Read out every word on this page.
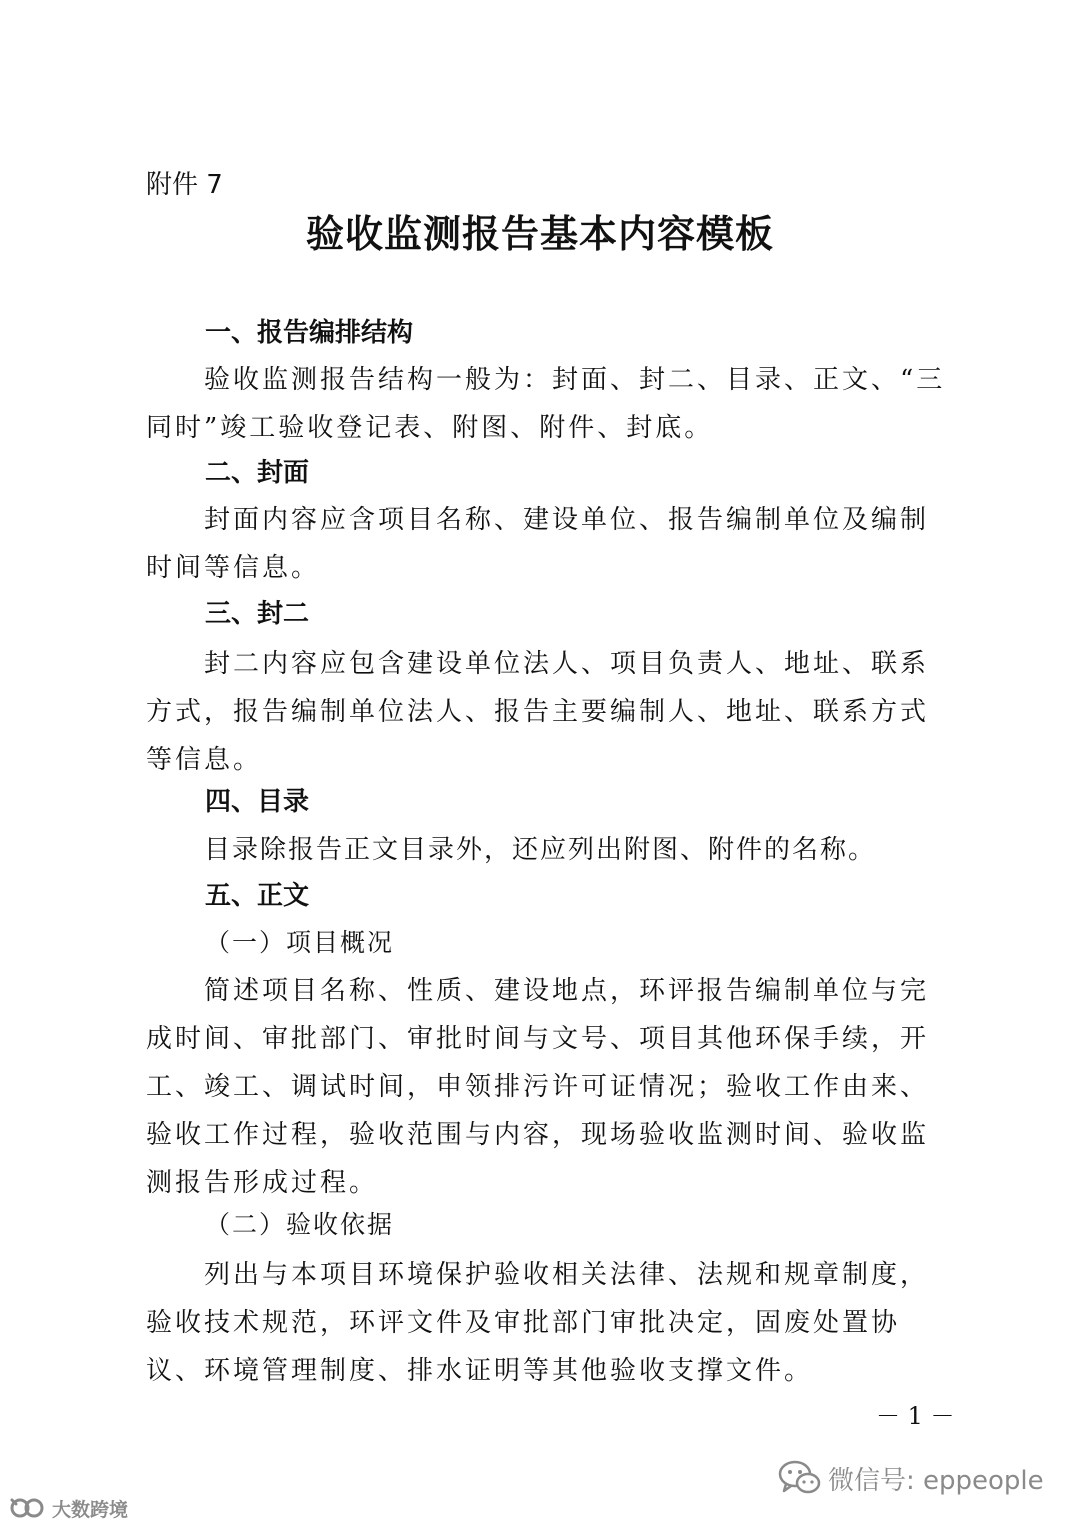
附件 7
验收监测报告基本内容模板
一、报告编排结构
验收监测报告结构一般为：封面、封二、目录、正文、“三同时”竣工验收登记表、附图、附件、封底。
二、封面
封面内容应含项目名称、建设单位、报告编制单位及编制时间等信息。
三、封二
封二内容应包含建设单位法人、项目负责人、地址、联系方式，报告编制单位法人、报告主要编制人、地址、联系方式等信息。
四、目录
目录除报告正文目录外，还应列出附图、附件的名称。
五、正文
（一）项目概况
简述项目名称、性质、建设地点，环评报告编制单位与完成时间、审批部门、审批时间与文号、项目其他环保手续，开工、竣工、调试时间，申领排污许可证情况；验收工作由来、验收工作过程，验收范围与内容，现场验收监测时间、验收监测报告形成过程。
（二）验收依据
列出与本项目环境保护验收相关法律、法规和规章制度，验收技术规范，环评文件及审批部门审批决定，固废处置协议、环境管理制度、排水证明等其他验收支撑文件。
－ 1 －
微信号: eppeople
大数跨境
